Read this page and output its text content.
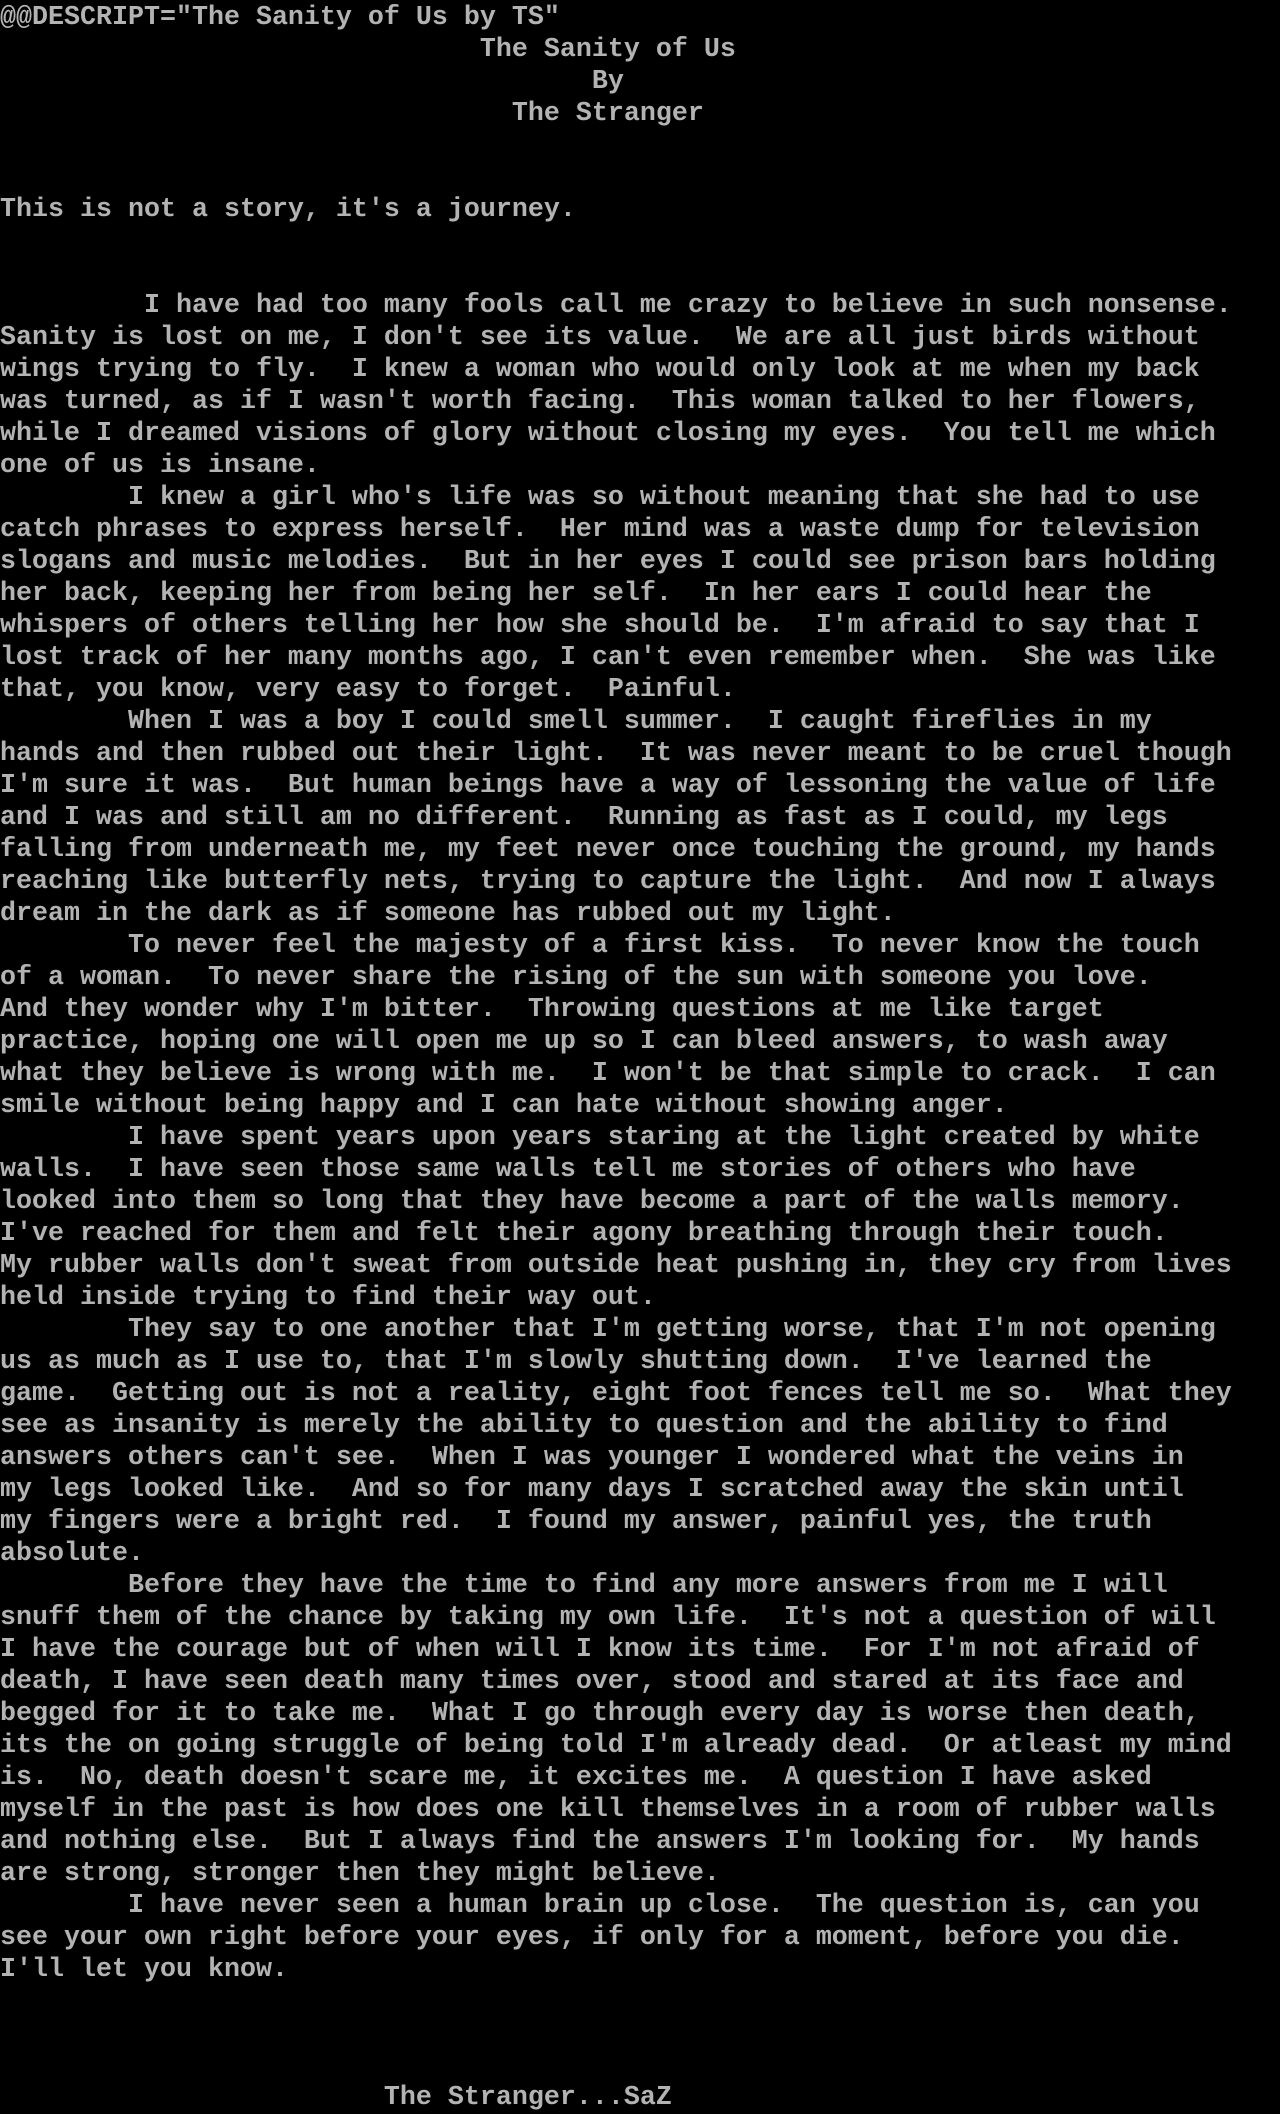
@@DESCRIPT="The Sanity of Us by TS"
The Sanity of Us
By
The Stranger
This is not a story, it's a journey.
I have had too many fools call me crazy to believe in such nonsense.
Sanity is lost on me, I don't see its value.  We are all just birds without
wings trying to fly.  I knew a woman who would only look at me when my back
was turned, as if I wasn't worth facing.  This woman talked to her flowers,
while I dreamed visions of glory without closing my eyes.  You tell me which
one of us is insane.
I knew a girl who's life was so without meaning that she had to use
catch phrases to express herself.  Her mind was a waste dump for television
slogans and music melodies.  But in her eyes I could see prison bars holding
her back, keeping her from being her self.  In her ears I could hear the
whispers of others telling her how she should be.  I'm afraid to say that I
lost track of her many months ago, I can't even remember when.  She was like
that, you know, very easy to forget.  Painful.
When I was a boy I could smell summer.  I caught fireflies in my
hands and then rubbed out their light.  It was never meant to be cruel though
I'm sure it was.  But human beings have a way of lessoning the value of life
and I was and still am no different.  Running as fast as I could, my legs
falling from underneath me, my feet never once touching the ground, my hands
reaching like butterfly nets, trying to capture the light.  And now I always
dream in the dark as if someone has rubbed out my light.
To never feel the majesty of a first kiss.  To never know the touch
of a woman.  To never share the rising of the sun with someone you love.
And they wonder why I'm bitter.  Throwing questions at me like target
practice, hoping one will open me up so I can bleed answers, to wash away
what they believe is wrong with me.  I won't be that simple to crack.  I can
smile without being happy and I can hate without showing anger.
I have spent years upon years staring at the light created by white
walls.  I have seen those same walls tell me stories of others who have
looked into them so long that they have become a part of the walls memory.
I've reached for them and felt their agony breathing through their touch.
My rubber walls don't sweat from outside heat pushing in, they cry from lives
held inside trying to find their way out.
They say to one another that I'm getting worse, that I'm not opening
us as much as I use to, that I'm slowly shutting down.  I've learned the
game.  Getting out is not a reality, eight foot fences tell me so.  What they
see as insanity is merely the ability to question and the ability to find
answers others can't see.  When I was younger I wondered what the veins in
my legs looked like.  And so for many days I scratched away the skin until
my fingers were a bright red.  I found my answer, painful yes, the truth
absolute.
Before they have the time to find any more answers from me I will
snuff them of the chance by taking my own life.  It's not a question of will
I have the courage but of when will I know its time.  For I'm not afraid of
death, I have seen death many times over, stood and stared at its face and
begged for it to take me.  What I go through every day is worse then death,
its the on going struggle of being told I'm already dead.  Or atleast my mind
is.  No, death doesn't scare me, it excites me.  A question I have asked
myself in the past is how does one kill themselves in a room of rubber walls
and nothing else.  But I always find the answers I'm looking for.  My hands
are strong, stronger then they might believe.
I have never seen a human brain up close.  The question is, can you
see your own right before your eyes, if only for a moment, before you die.
I'll let you know.
The Stranger...SaZ
